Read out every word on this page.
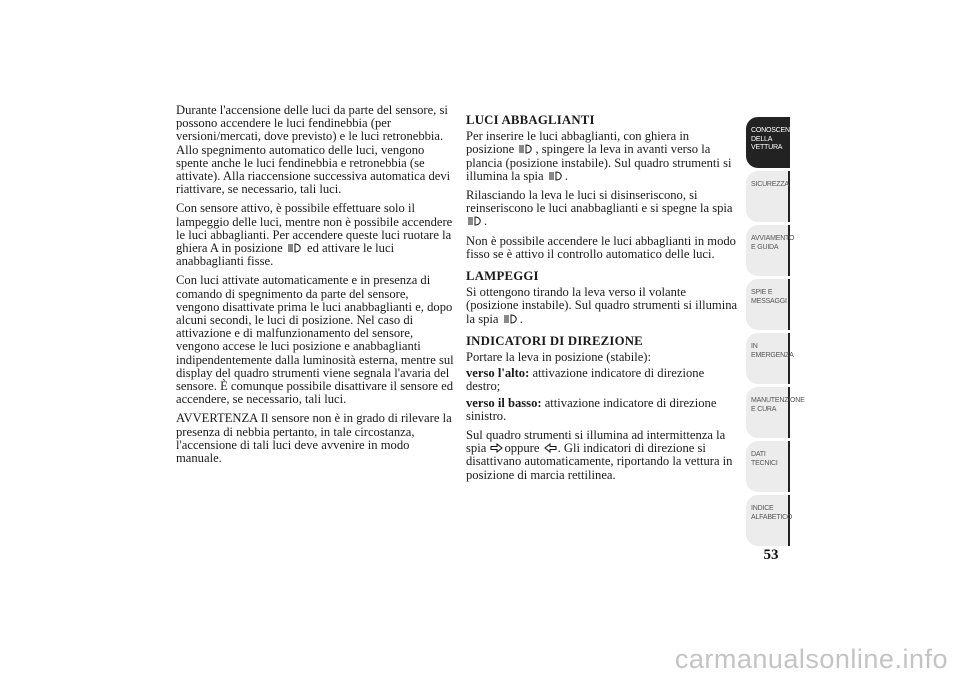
Durante l'accensione delle luci da parte del sensore, si possono accendere le luci fendinebbia (per versioni/mercati, dove previsto) e le luci retronebbia. Allo spegnimento automatico delle luci, vengono spente anche le luci fendinebbia e retronebbia (se attivate). Alla riaccensione successiva automatica devi riattivare, se necessario, tali luci.

Con sensore attivo, è possibile effettuare solo il lampeggio delle luci, mentre non è possibile accendere le luci abbaglianti. Per accendere queste luci ruotare la ghiera A in posizione ed attivare le luci anabbaglianti fisse.

Con luci attivate automaticamente e in presenza di comando di spegnimento da parte del sensore, vengono disattivate prima le luci anabbaglianti e, dopo alcuni secondi, le luci di posizione. Nel caso di attivazione e di malfunzionamento del sensore, vengono accese le luci posizione e anabbaglianti indipendentemente dalla luminosità esterna, mentre sul display del quadro strumenti viene segnala l'avaria del sensore. È comunque possibile disattivare il sensore ed accendere, se necessario, tali luci.

AVVERTENZA Il sensore non è in grado di rilevare la presenza di nebbia pertanto, in tale circostanza, l'accensione di tali luci deve avvenire in modo manuale.

LUCI ABBAGLIANTI

Per inserire le luci abbaglianti, con ghiera in posizione , spingere la leva in avanti verso la plancia (posizione instabile). Sul quadro strumenti si illumina la spia .

Rilasciando la leva le luci si disinseriscono, si reinseriscono le luci anabbaglianti e si spegne la spia
.

Non è possibile accendere le luci abbaglianti in modo fisso se è attivo il controllo automatico delle luci.

LAMPEGGI

Si ottengono tirando la leva verso il volante (posizione instabile). Sul quadro strumenti si illumina la spia .

INDICATORI DI DIREZIONE

Portare la leva in posizione (stabile):

verso l'alto: attivazione indicatore di direzione destro;

verso il basso: attivazione indicatore di direzione sinistro.

Sul quadro strumenti si illumina ad intermittenza la spia oppure . Gli indicatori di direzione si disattivano automaticamente, riportando la vettura in posizione di marcia rettilinea.

CONOSCENZA DELLA VETTURA
SICUREZZA
AVVIAMENTO E GUIDA
SPIE E MESSAGGI
IN EMERGENZA
MANUTENZIONE E CURA
DATI TECNICI
INDICE ALFABETICO
53
carmanualsonline.info
